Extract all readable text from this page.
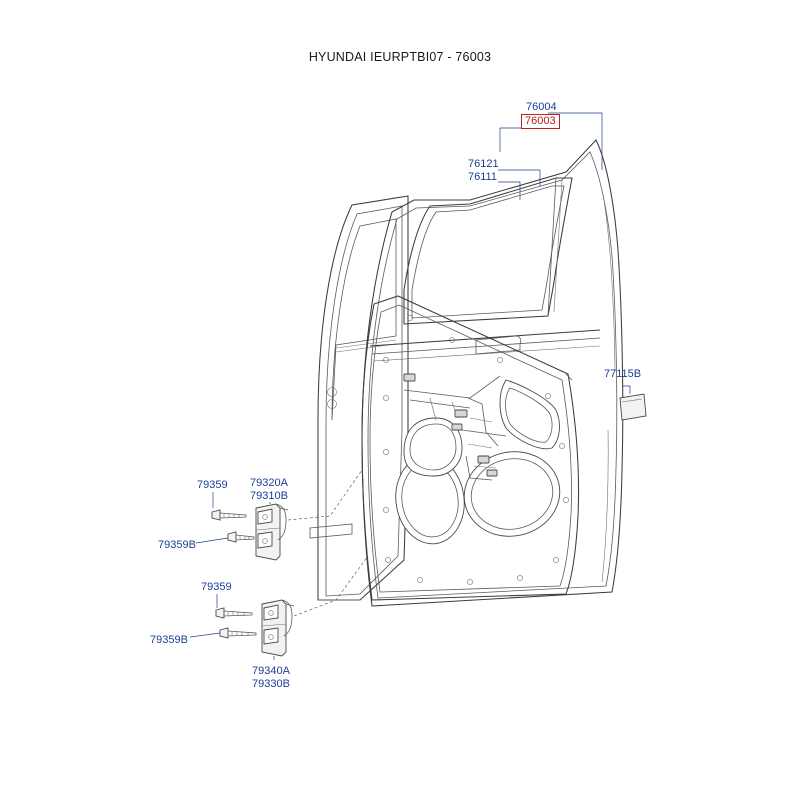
HYUNDAI IEURPTBI07 - 76003
76004
76003
76121
76111
77115B
79359 79320A
79310B
79359B
79359
79359B
79340A
79330B
